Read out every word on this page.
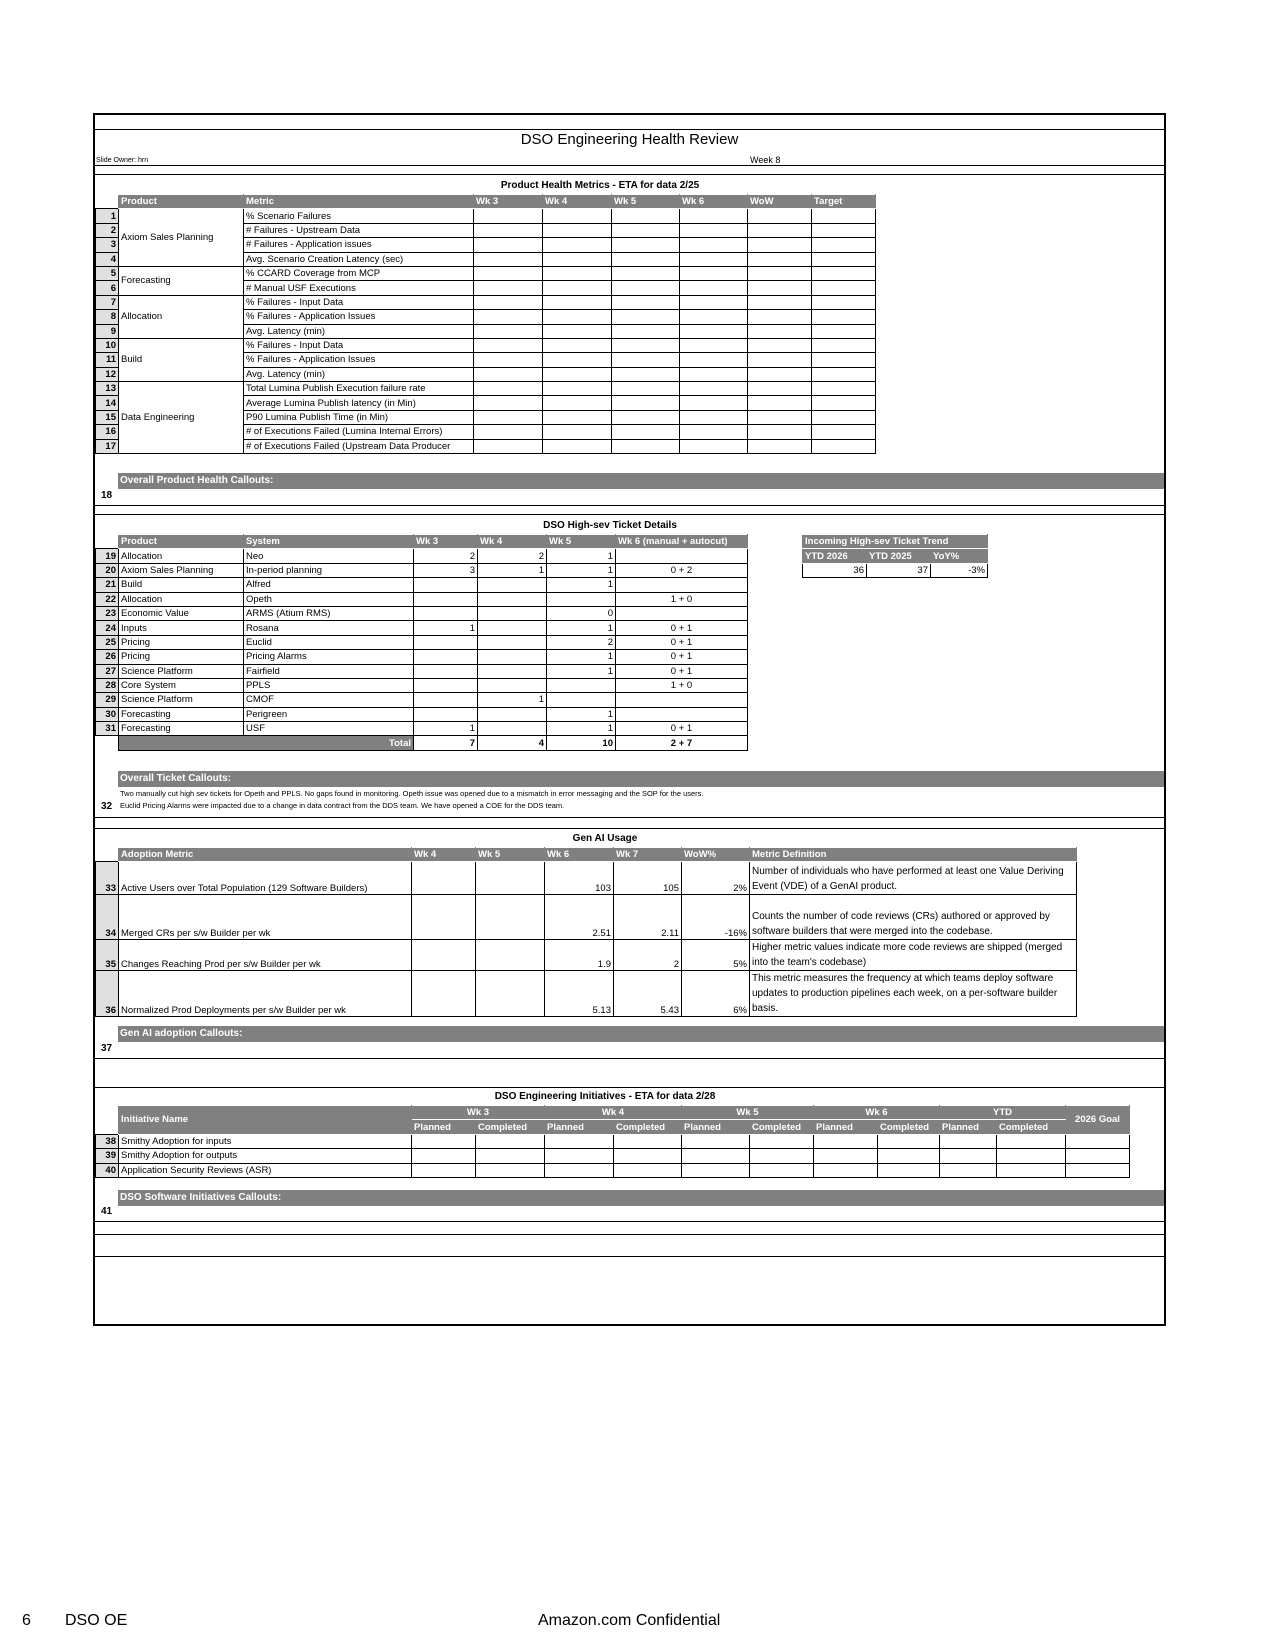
DSO Engineering Health Review
Slide Owner: hrn	Week 8
Product Health Metrics - ETA for data 2/25
	Product	Metric	Wk 3	Wk 4	Wk 5	Wk 6	WoW	Target
1	Axiom Sales Planning	% Scenario Failures						
2		# Failures - Upstream Data						
3		# Failures - Application issues						
4		Avg. Scenario Creation Latency (sec)						
5	Forecasting	% CCARD Coverage from MCP						
6		# Manual USF Executions						
7	Allocation	% Failures - Input Data						
8		% Failures - Application Issues						
9		Avg. Latency (min)						
10	Build	% Failures - Input Data						
11		% Failures - Application Issues						
12		Avg. Latency (min)						
13	Data Engineering	Total Lumina Publish Execution failure rate						
14		Average Lumina Publish latency (in Min)						
15		P90 Lumina Publish Time (in Min)						
16		# of Executions Failed (Lumina Internal Errors)						
17		# of Executions Failed (Upstream Data Producer						
Overall Product Health Callouts:
18
DSO High-sev Ticket Details
	Product	System	Wk 3	Wk 4	Wk 5	Wk 6 (manual + autocut)
19	Allocation	Neo	2	2	1	
20	Axiom Sales Planning	In-period planning	3	1	1	0 + 2
21	Build	Alfred			1	
22	Allocation	Opeth				1 + 0
23	Economic Value	ARMS (Atium RMS)			0	
24	Inputs	Rosana	1		1	0 + 1
25	Pricing	Euclid			2	0 + 1
26	Pricing	Pricing Alarms			1	0 + 1
27	Science Platform	Fairfield			1	0 + 1
28	Core System	PPLS				1 + 0
29	Science Platform	CMOF		1		
30	Forecasting	Perigreen			1	
31	Forecasting	USF	1		1	0 + 1
	Total		7	4	10	2 + 7
Incoming High-sev Ticket Trend		
YTD 2026	YTD 2025	YoY%
36	37	-3%
Overall Ticket Callouts:
Two manually cut high sev tickets for Opeth and PPLS. No gaps found in monitoring. Opeth issue was opened due to a mismatch in error messaging and the SOP for the users.
Euclid Pricing Alarms were impacted due to a change in data contract from the DDS team. We have opened a COE for the DDS team.
32
Gen AI Usage
	Adoption Metric	Wk 4	Wk 5	Wk 6	Wk 7	WoW%	Metric Definition
33	Active Users over Total Population (129 Software Builders)			103	105	2%	Number of individuals who have performed at least one Value Deriving Event (VDE) of a GenAI product.
34	Merged CRs per s/w Builder per wk			2.51	2.11	-16%	Counts the number of code reviews (CRs) authored or approved by software builders that were merged into the codebase.
35	Changes Reaching Prod per s/w Builder per wk			1.9	2	5%	Higher metric values indicate more code reviews are shipped (merged into the team's codebase)
36	Normalized Prod Deployments per s/w Builder per wk			5.13	5.43	6%	This metric measures the frequency at which teams deploy software updates to production pipelines each week, on a per-software builder basis.
Gen AI adoption Callouts:
37
DSO Engineering Initiatives - ETA for data 2/28
	Initiative Name	Wk 3		Wk 4		Wk 5		Wk 6		YTD		2026 Goal
		Planned	Completed	Planned	Completed	Planned	Completed	Planned	Completed	Planned	Completed	
38	Smithy Adoption for inputs											
39	Smithy Adoption for outputs											
40	Application Security Reviews (ASR)											
DSO Software Initiatives Callouts:
41
6 DSO OE	Amazon.com Confidential
